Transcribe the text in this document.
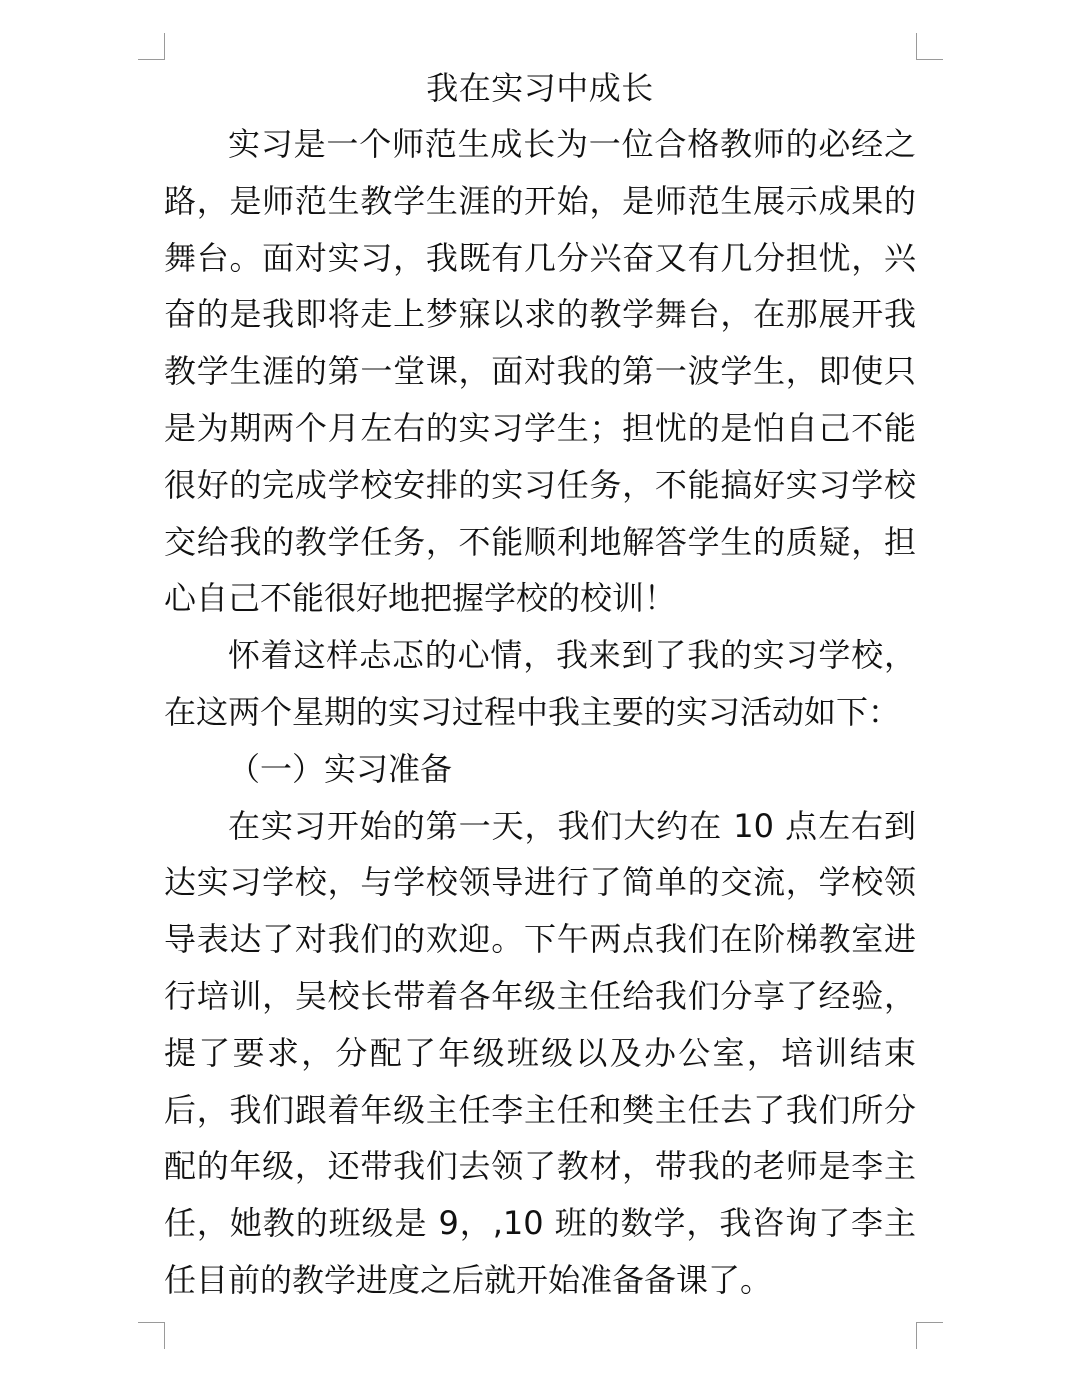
我在实习中成长

实习是一个师范生成长为一位合格教师的必经之路，是师范生教学生涯的开始，是师范生展示成果的舞台。面对实习，我既有几分兴奋又有几分担忧，兴奋的是我即将走上梦寐以求的教学舞台，在那展开我教学生涯的第一堂课，面对我的第一波学生，即使只是为期两个月左右的实习学生；担忧的是怕自己不能很好的完成学校安排的实习任务，不能搞好实习学校交给我的教学任务，不能顺利地解答学生的质疑，担心自己不能很好地把握学校的校训！

怀着这样忐忑的心情，我来到了我的实习学校，在这两个星期的实习过程中我主要的实习活动如下：

（一）实习准备

在实习开始的第一天，我们大约在 10 点左右到达实习学校，与学校领导进行了简单的交流，学校领导表达了对我们的欢迎。下午两点我们在阶梯教室进行培训，吴校长带着各年级主任给我们分享了经验，提了要求，分配了年级班级以及办公室，培训结束后，我们跟着年级主任李主任和樊主任去了我们所分配的年级，还带我们去领了教材，带我的老师是李主任，她教的班级是 9，,10 班的数学，我咨询了李主任目前的教学进度之后就开始准备备课了。
